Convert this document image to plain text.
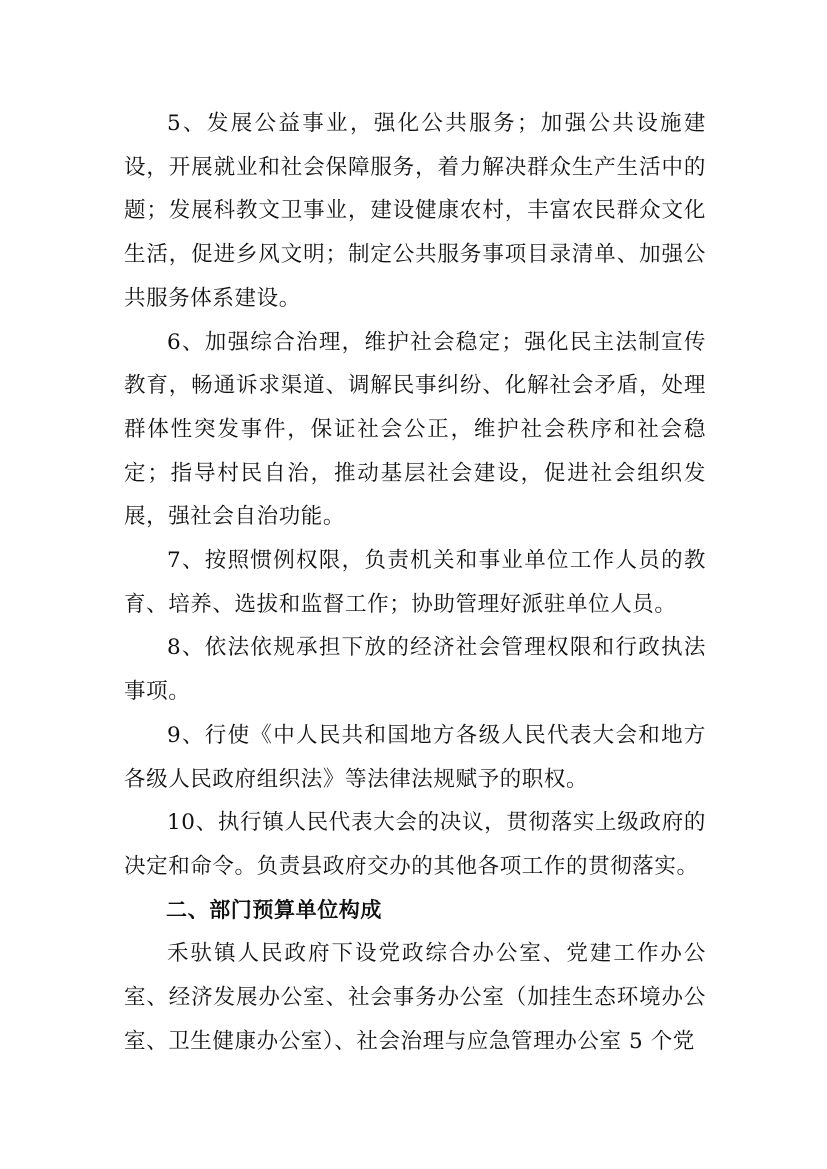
5、发展公益事业，强化公共服务；加强公共设施建设，开展就业和社会保障服务，着力解决群众生产生活中的题；发展科教文卫事业，建设健康农村，丰富农民群众文化生活，促进乡风文明；制定公共服务事项目录清单、加强公共服务体系建设。

6、加强综合治理，维护社会稳定；强化民主法制宣传教育，畅通诉求渠道、调解民事纠纷、化解社会矛盾，处理群体性突发事件，保证社会公正，维护社会秩序和社会稳定；指导村民自治，推动基层社会建设，促进社会组织发展，强社会自治功能。

7、按照惯例权限，负责机关和事业单位工作人员的教育、培养、选拔和监督工作；协助管理好派驻单位人员。

8、依法依规承担下放的经济社会管理权限和行政执法事项。

9、行使《中人民共和国地方各级人民代表大会和地方各级人民政府组织法》等法律法规赋予的职权。

10、执行镇人民代表大会的决议，贯彻落实上级政府的决定和命令。负责县政府交办的其他各项工作的贯彻落实。

二、部门预算单位构成

禾驮镇人民政府下设党政综合办公室、党建工作办公室、经济发展办公室、社会事务办公室（加挂生态环境办公室、卫生健康办公室）、社会治理与应急管理办公室 5 个党
